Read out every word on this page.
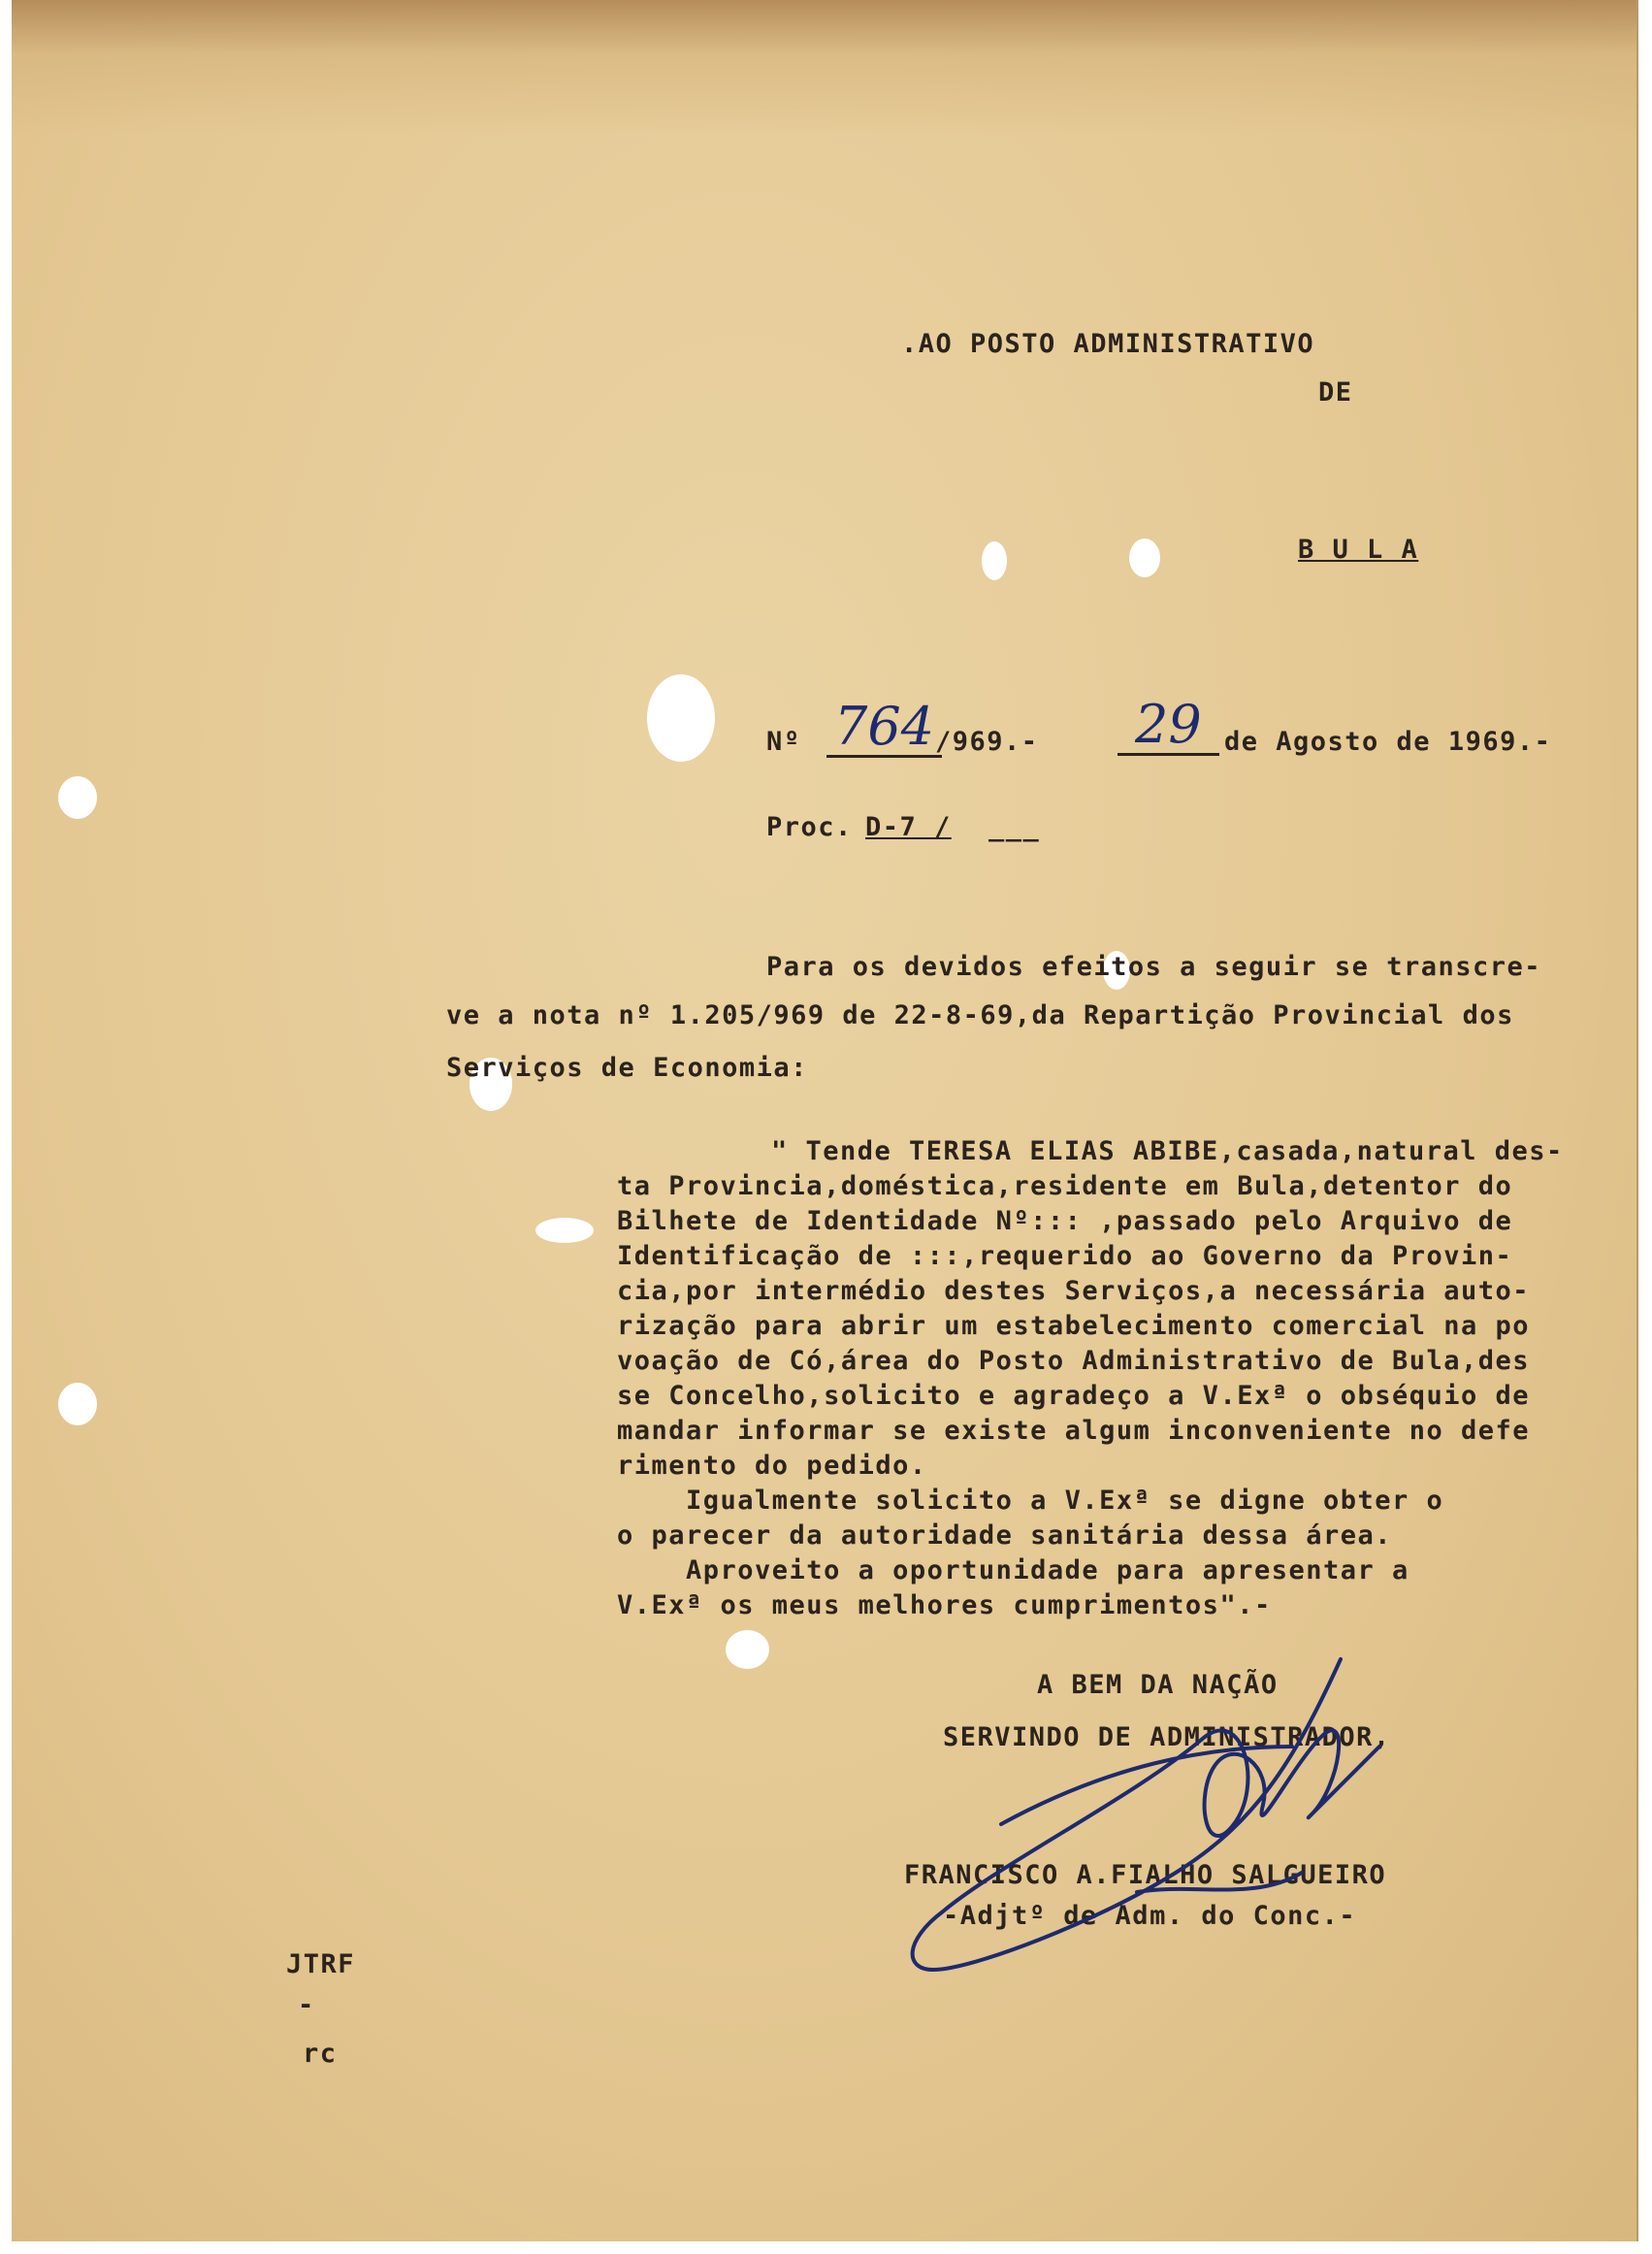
.AO POSTO ADMINISTRATIVO
DE
B U L A
Nº 764 /969.-	29 de Agosto de 1969.-
Proc. D-7 / ___
Para os devidos efeitos a seguir se transcre-
ve a nota nº 1.205/969 de 22-8-69,da Repartição Provincial dos
Serviços de Economia:
" Tende TERESA ELIAS ABIBE,casada,natural des-
ta Provincia,doméstica,residente em Bula,detentor do
Bilhete de Identidade Nº::: ,passado pelo Arquivo de
Identificação de :::,requerido ao Governo da Provin-
cia,por intermédio destes Serviços,a necessária auto-
rização para abrir um estabelecimento comercial na po
voação de Có,área do Posto Administrativo de Bula,des
se Concelho,solicito e agradeço a V.Exª o obséquio de
mandar informar se existe algum inconveniente no defe
rimento do pedido.
Igualmente solicito a V.Exª se digne obter o
o parecer da autoridade sanitária dessa área.
Aproveito a oportunidade para apresentar a
V.Exª os meus melhores cumprimentos".-
A BEM DA NAÇÃO
SERVINDO DE ADMINISTRADOR,
FRANCISCO A.FIALHO SALGUEIRO
-Adjtº de Adm. do Conc.-
JTRF
-
rc
